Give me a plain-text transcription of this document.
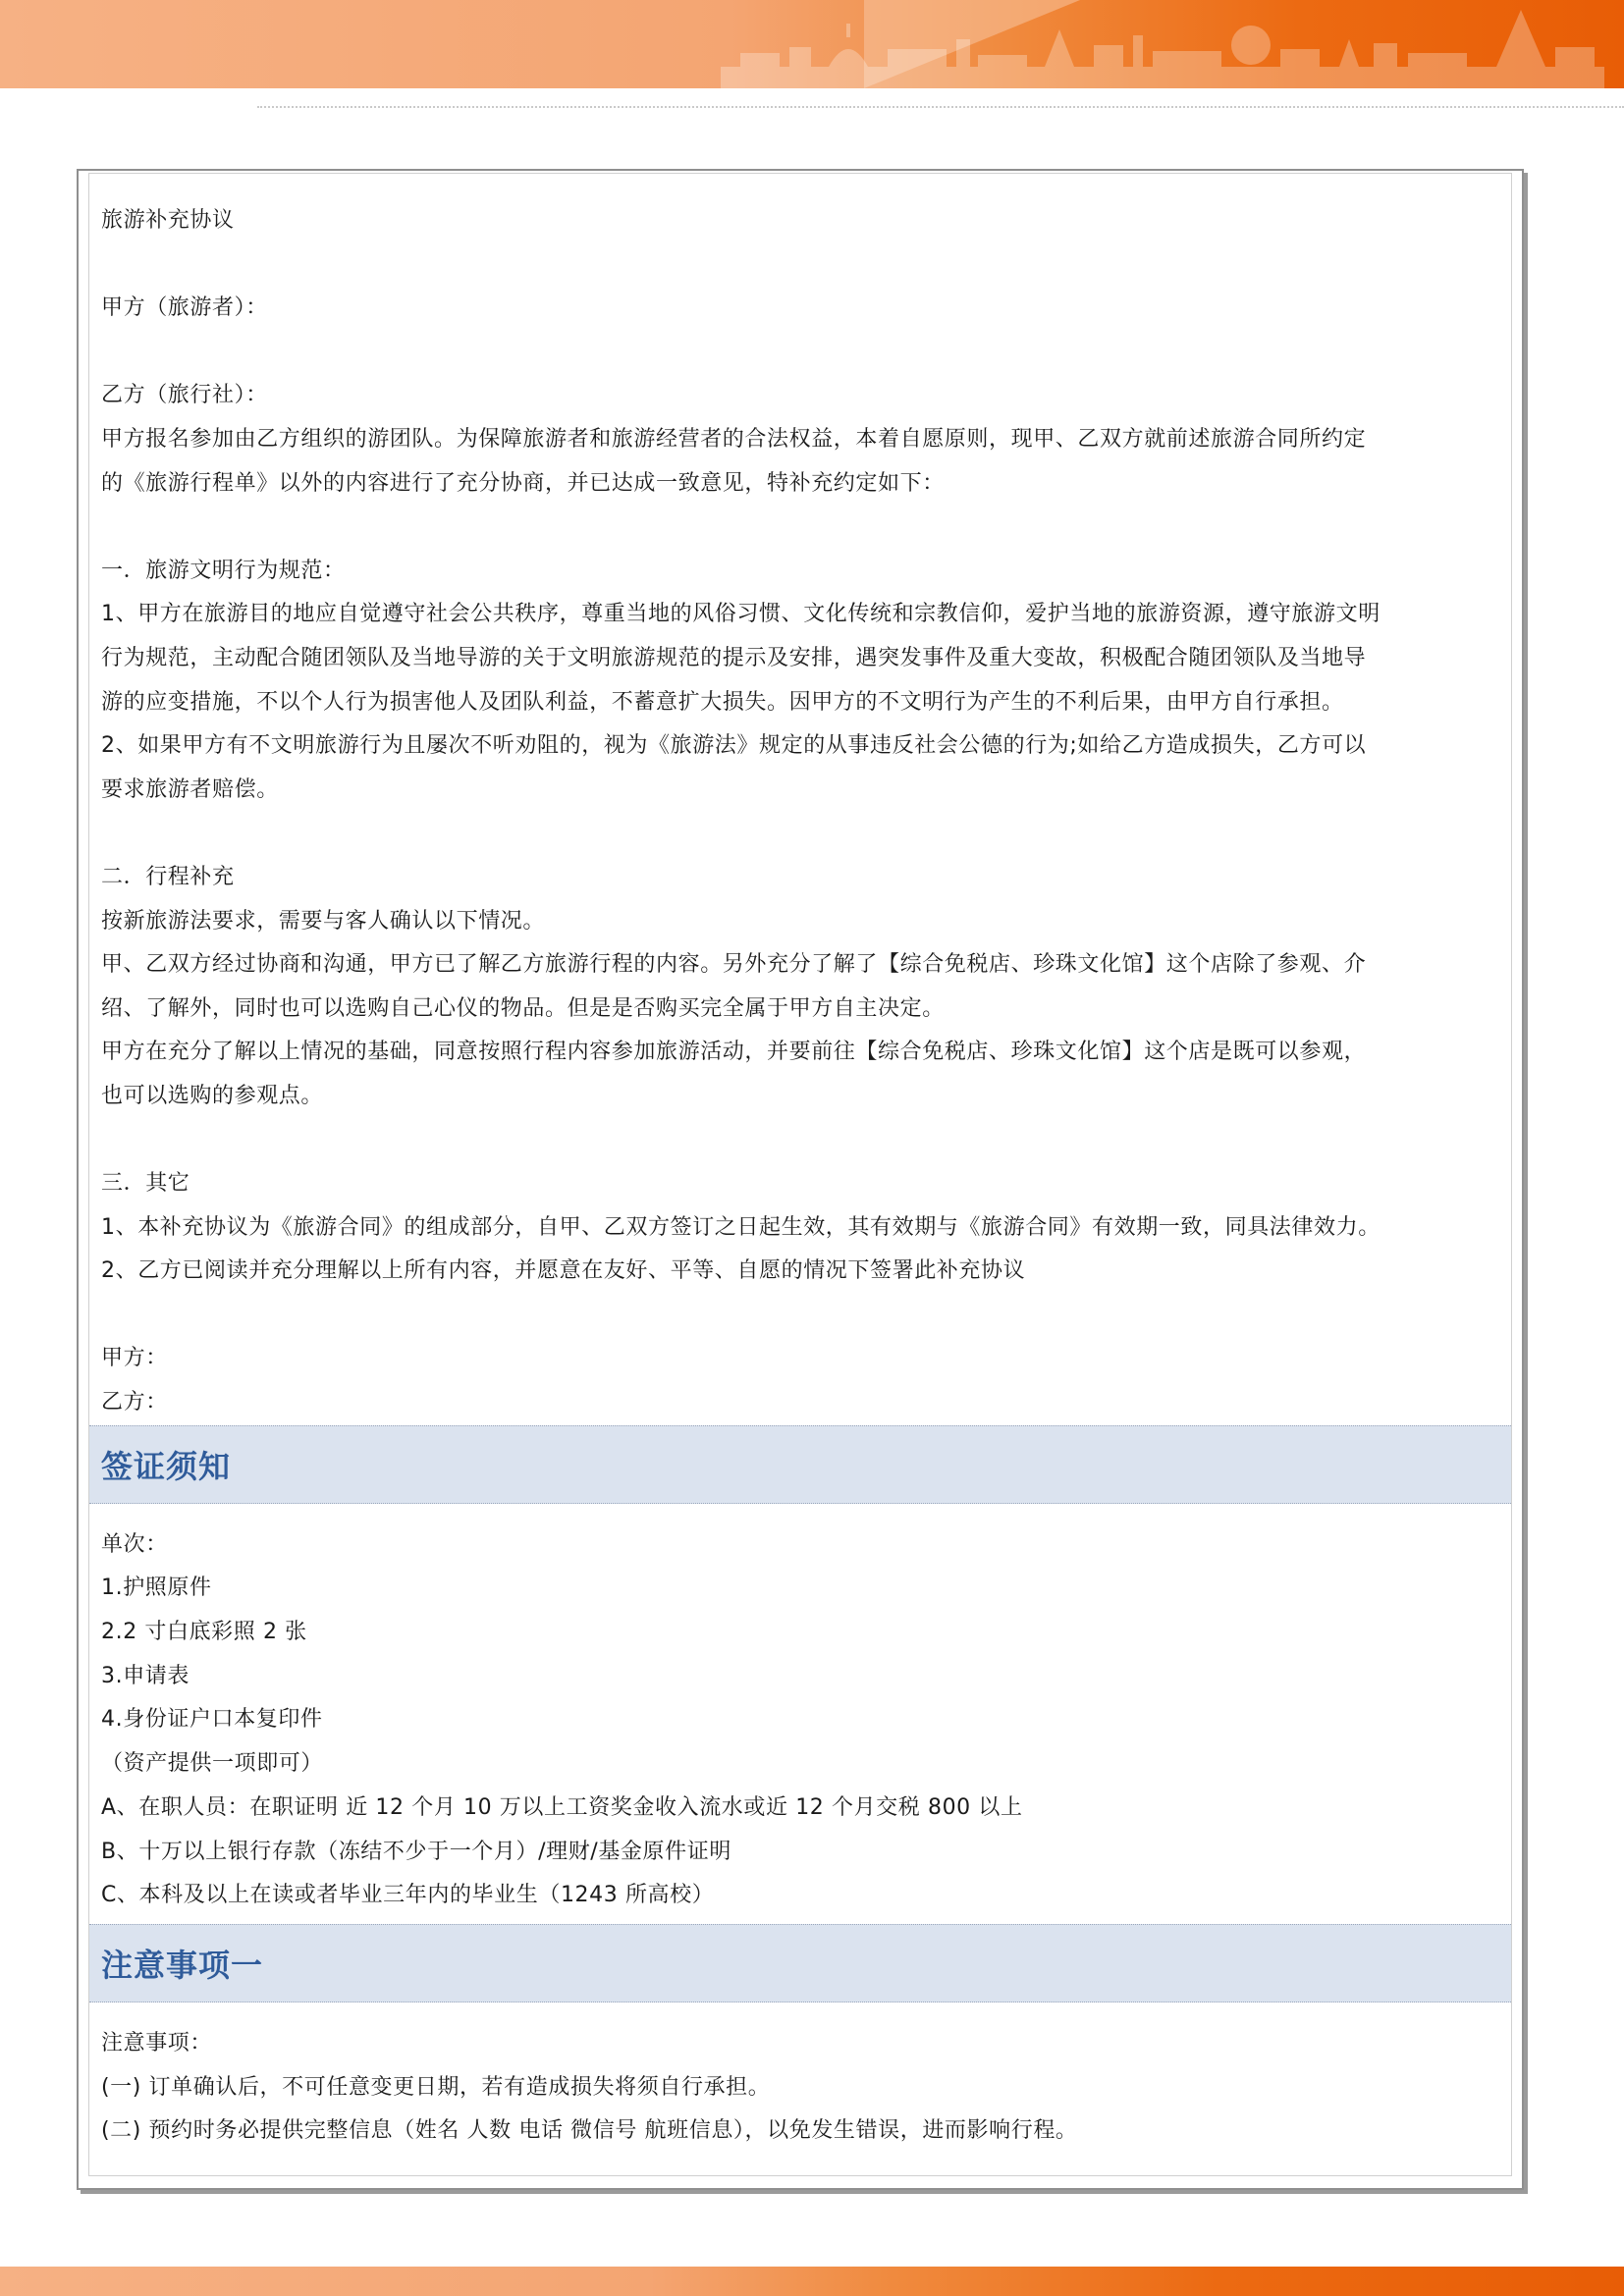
旅游补充协议
甲方（旅游者）：
乙方（旅行社）：
甲方报名参加由乙方组织的游团队。为保障旅游者和旅游经营者的合法权益，本着自愿原则，现甲、乙双方就前述旅游合同所约定
的《旅游行程单》以外的内容进行了充分协商，并已达成一致意见，特补充约定如下：
一．旅游文明行为规范：
1、甲方在旅游目的地应自觉遵守社会公共秩序，尊重当地的风俗习惯、文化传统和宗教信仰，爱护当地的旅游资源，遵守旅游文明
行为规范，主动配合随团领队及当地导游的关于文明旅游规范的提示及安排，遇突发事件及重大变故，积极配合随团领队及当地导
游的应变措施，不以个人行为损害他人及团队利益，不蓄意扩大损失。因甲方的不文明行为产生的不利后果，由甲方自行承担。
2、如果甲方有不文明旅游行为且屡次不听劝阻的，视为《旅游法》规定的从事违反社会公德的行为;如给乙方造成损失，乙方可以
要求旅游者赔偿。
二．行程补充
按新旅游法要求，需要与客人确认以下情况。
甲、乙双方经过协商和沟通，甲方已了解乙方旅游行程的内容。另外充分了解了【综合免税店、珍珠文化馆】这个店除了参观、介
绍、了解外，同时也可以选购自己心仪的物品。但是是否购买完全属于甲方自主决定。
甲方在充分了解以上情况的基础，同意按照行程内容参加旅游活动，并要前往【综合免税店、珍珠文化馆】这个店是既可以参观，
也可以选购的参观点。
三．其它
1、本补充协议为《旅游合同》的组成部分，自甲、乙双方签订之日起生效，其有效期与《旅游合同》有效期一致，同具法律效力。
2、乙方已阅读并充分理解以上所有内容，并愿意在友好、平等、自愿的情况下签署此补充协议
甲方：
乙方：
签证须知
单次：
1.护照原件
2.2 寸白底彩照 2 张
3.申请表
4.身份证户口本复印件
（资产提供一项即可）
A、在职人员：在职证明 近 12 个月 10 万以上工资奖金收入流水或近 12 个月交税 800 以上
B、十万以上银行存款（冻结不少于一个月）/理财/基金原件证明
C、本科及以上在读或者毕业三年内的毕业生（1243 所高校）
注意事项一
注意事项：
(一) 订单确认后，不可任意变更日期，若有造成损失将须自行承担。
(二) 预约时务必提供完整信息（姓名 人数 电话 微信号 航班信息），以免发生错误，进而影响行程。
